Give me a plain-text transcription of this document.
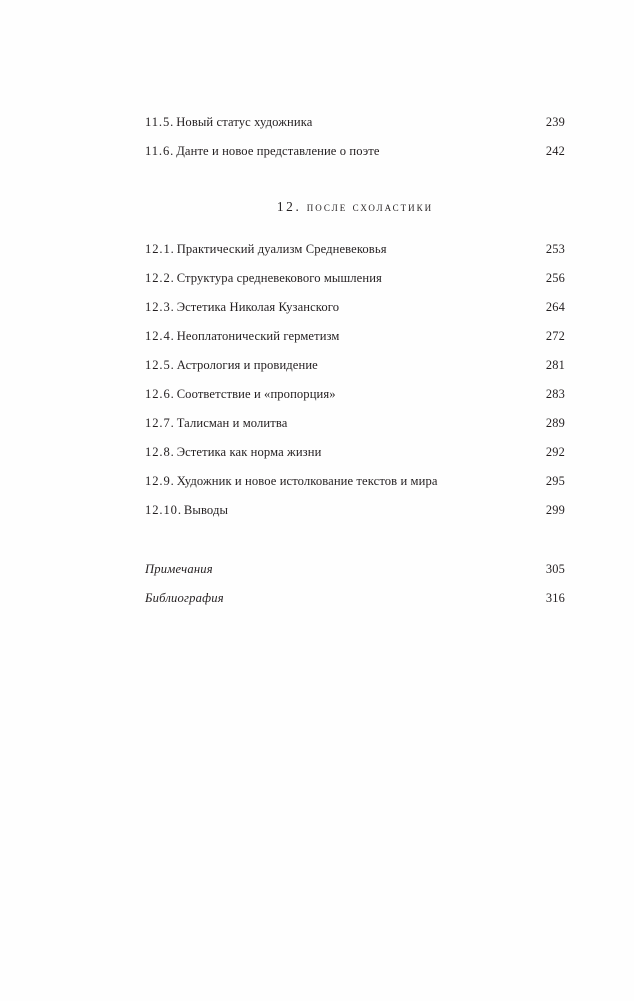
11.5. Новый статус художника . . .	239
11.6. Данте и новое представление о поэте . . .	242
12. после схоластики
12.1. Практический дуализм Средневековья . . .	253
12.2. Структура средневекового мышления . . .	256
12.3. Эстетика Николая Кузанского . . .	264
12.4. Неоплатонический герметизм . . .	272
12.5. Астрология и провидение . . .	281
12.6. Соответствие и «пропорция» . . .	283
12.7. Талисман и молитва . . .	289
12.8. Эстетика как норма жизни . . .	292
12.9. Художник и новое истолкование текстов и мира . . .	295
12.10. Выводы . . .	299
Примечания . . .	305
Библиография . . .	316
